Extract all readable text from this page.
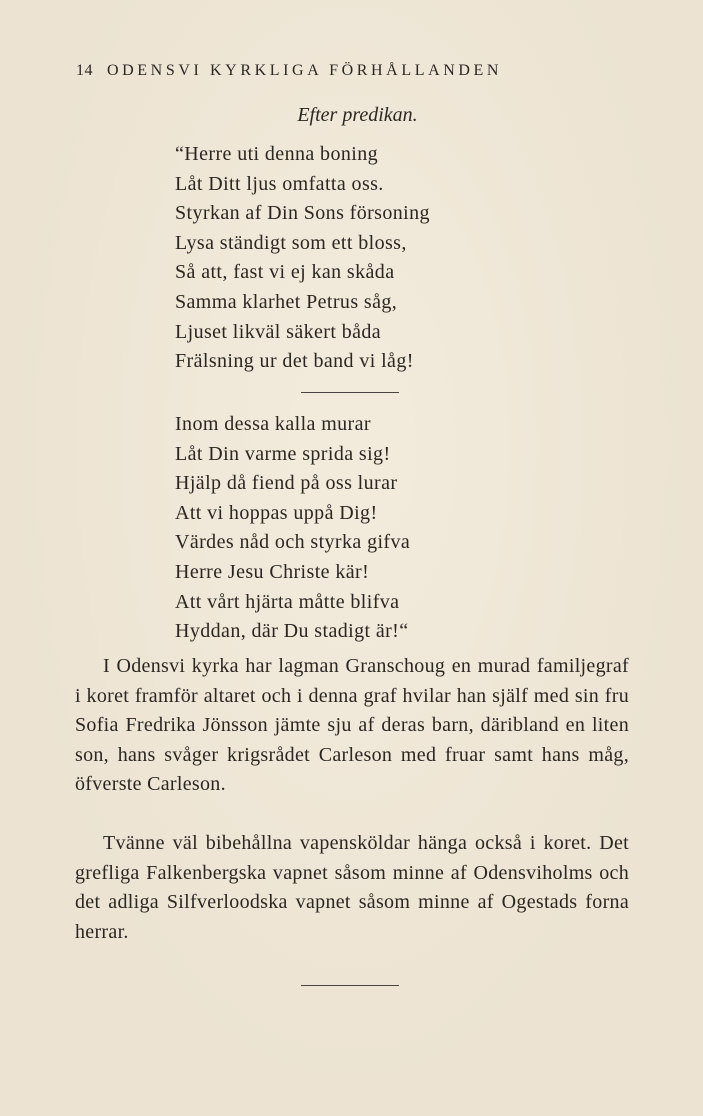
14 ODENSVI KYRKLIGA FÖRHÅLLANDEN
Efter predikan.
“Herre uti denna boning
Låt Ditt ljus omfatta oss.
Styrkan af Din Sons försoning
Lysa ständigt som ett bloss,
Så att, fast vi ej kan skåda
Samma klarhet Petrus såg,
Ljuset likväl säkert båda
Frälsning ur det band vi låg!
Inom dessa kalla murar
Låt Din varme sprida sig!
Hjälp då fiend på oss lurar
Att vi hoppas uppå Dig!
Värdes nåd och styrka gifva
Herre Jesu Christe kär!
Att vårt hjärta måtte blifva
Hyddan, där Du stadigt är!“

I Odensvi kyrka har lagman Granschoug en murad familjegraf i koret framför altaret och i denna graf hvilar han själf med sin fru Sofia Fredrika Jönsson jämte sju af deras barn, däribland en liten son, hans svåger krigsrådet Carleson med fruar samt hans måg, öfverste Carleson.

Tvänne väl bibehållna vapensköldar hänga också i koret. Det grefliga Falkenbergska vapnet såsom minne af Odensviholms och det adliga Silfverloodska vapnet såsom minne af Ogestads forna herrar.
